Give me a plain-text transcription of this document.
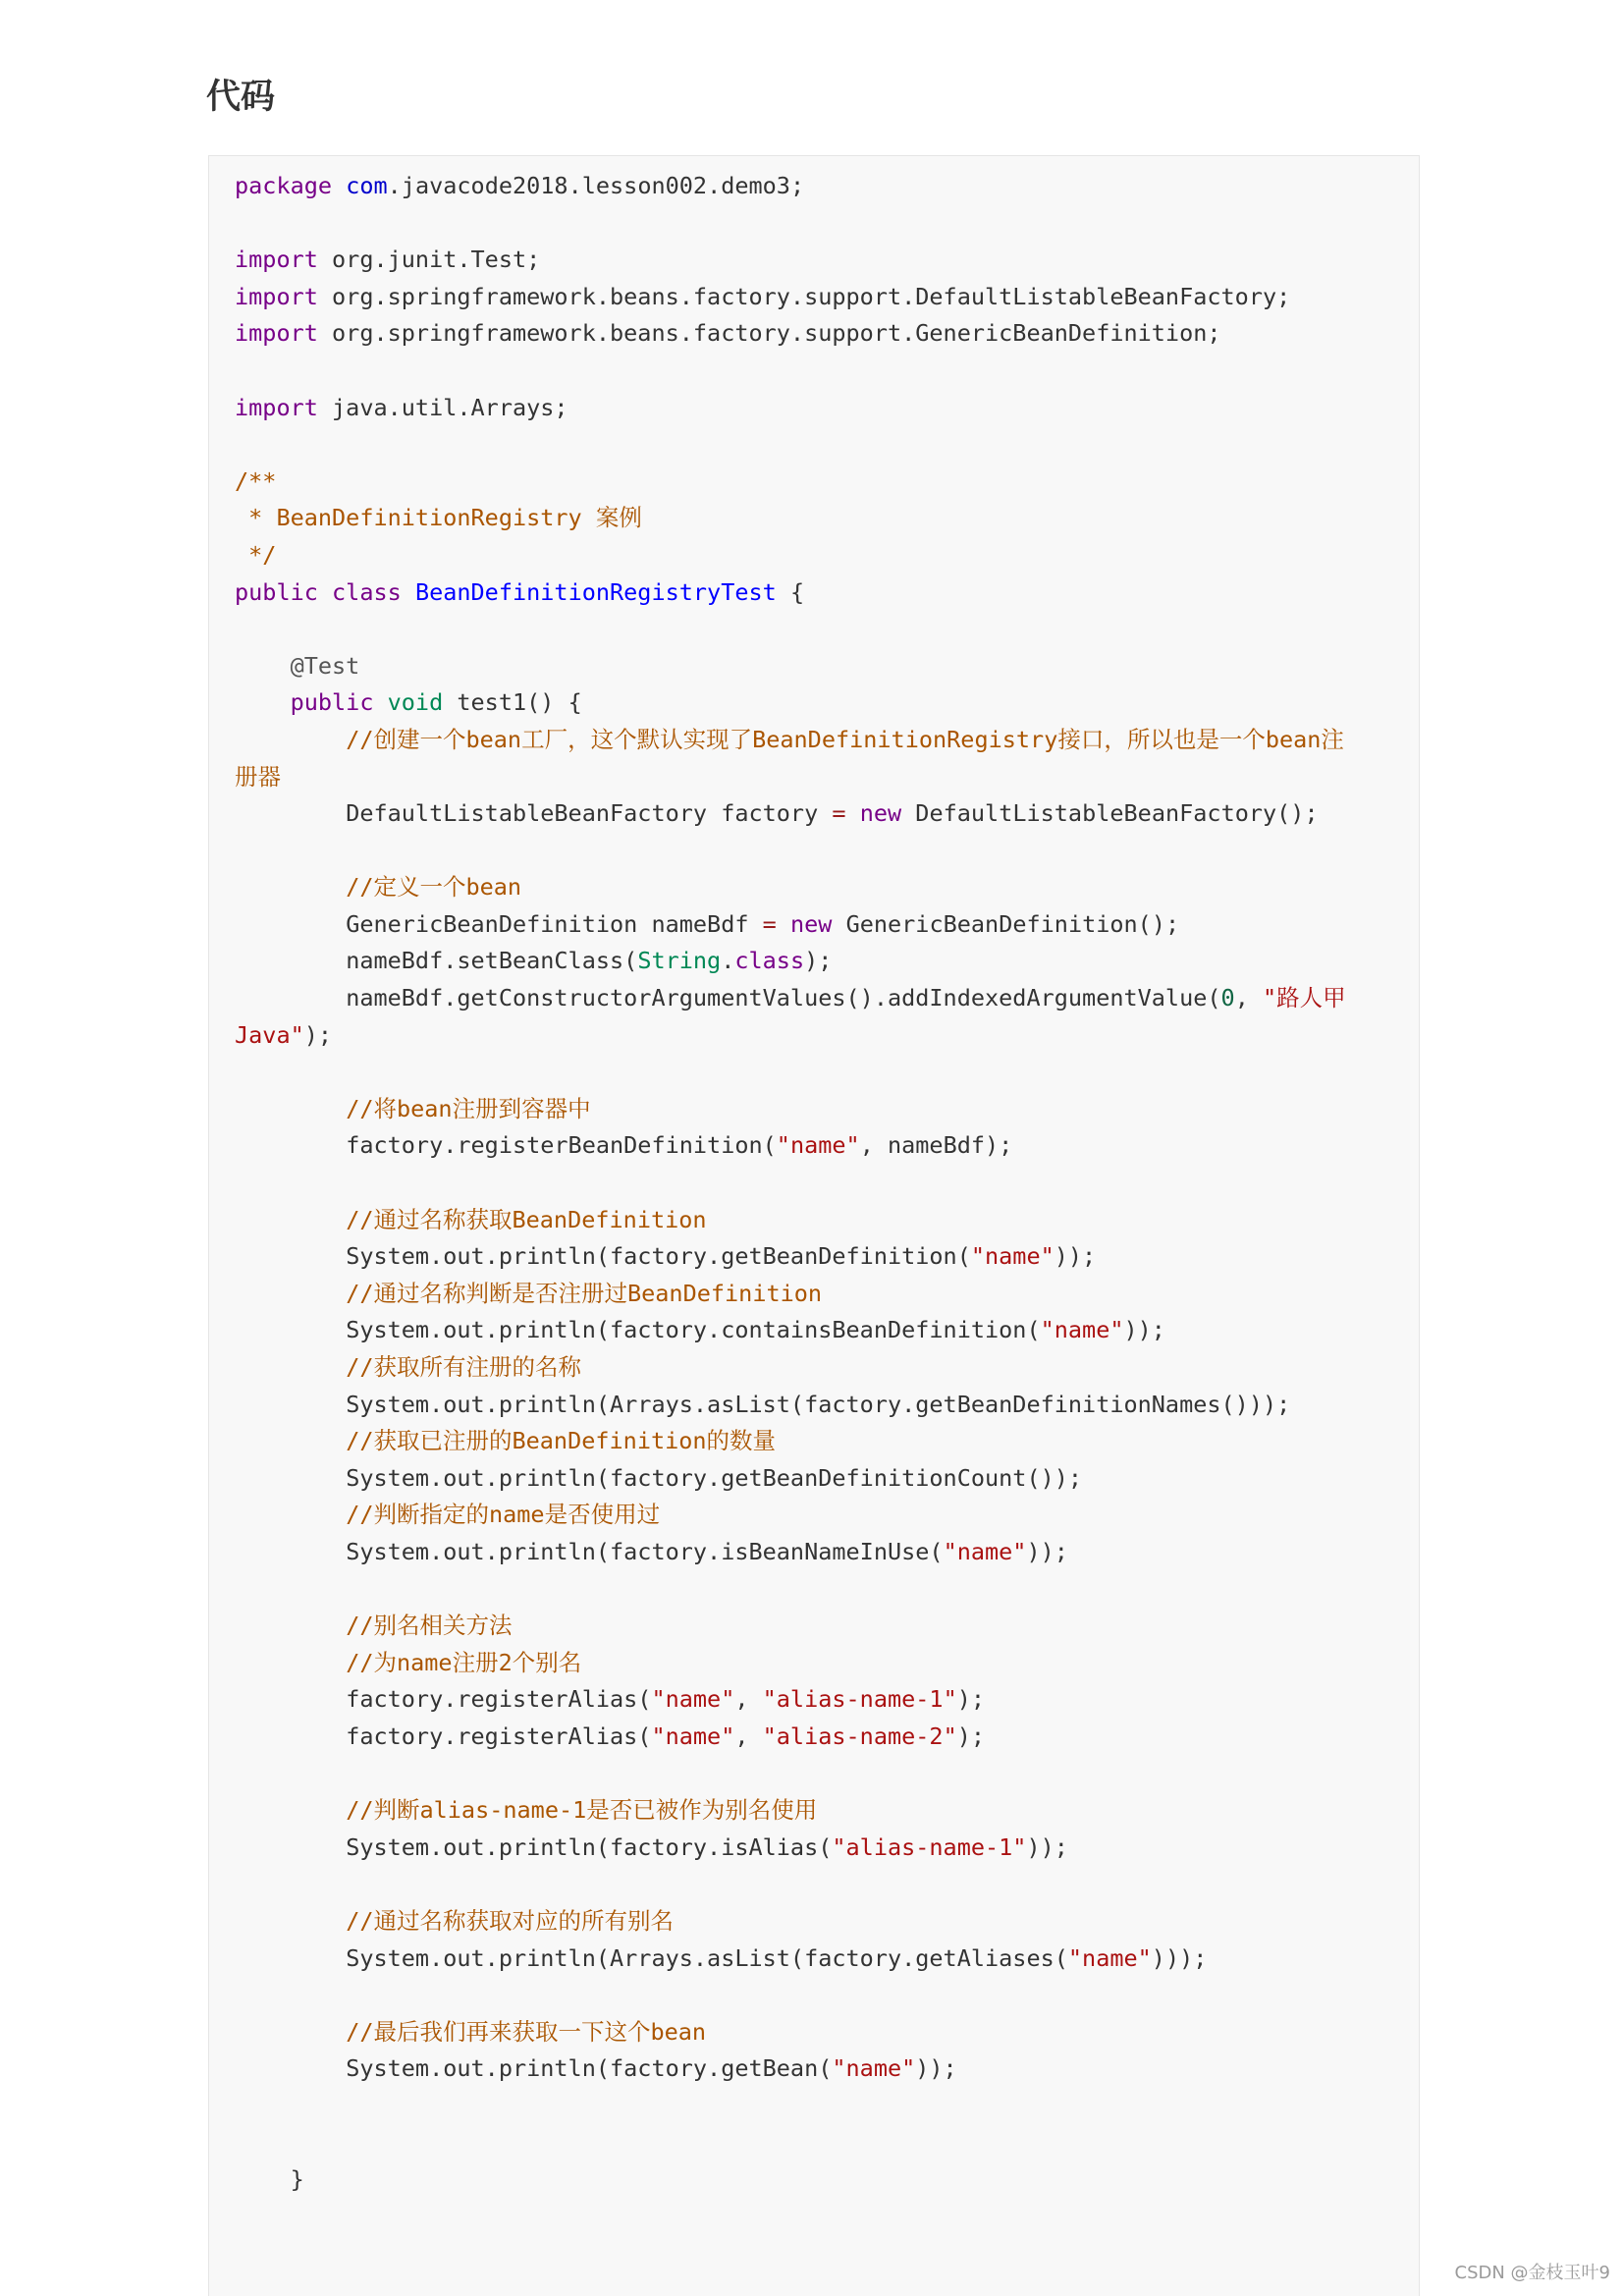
代码
package com.javacode2018.lesson002.demo3;
import org.junit.Test;
import org.springframework.beans.factory.support.DefaultListableBeanFactory;
import org.springframework.beans.factory.support.GenericBeanDefinition;
import java.util.Arrays;
/**
* BeanDefinitionRegistry 案例
*/
public class BeanDefinitionRegistryTest {
@Test
public void test1() {
//创建一个bean工厂，这个默认实现了BeanDefinitionRegistry接口，所以也是一个bean注
册器
DefaultListableBeanFactory factory = new DefaultListableBeanFactory();
//定义一个bean
GenericBeanDefinition nameBdf = new GenericBeanDefinition();
nameBdf.setBeanClass(String.class);
nameBdf.getConstructorArgumentValues().addIndexedArgumentValue(0, "路人甲
Java");
//将bean注册到容器中
factory.registerBeanDefinition("name", nameBdf);
//通过名称获取BeanDefinition
System.out.println(factory.getBeanDefinition("name"));
//通过名称判断是否注册过BeanDefinition
System.out.println(factory.containsBeanDefinition("name"));
//获取所有注册的名称
System.out.println(Arrays.asList(factory.getBeanDefinitionNames()));
//获取已注册的BeanDefinition的数量
System.out.println(factory.getBeanDefinitionCount());
//判断指定的name是否使用过
System.out.println(factory.isBeanNameInUse("name"));
//别名相关方法
//为name注册2个别名
factory.registerAlias("name", "alias-name-1");
factory.registerAlias("name", "alias-name-2");
//判断alias-name-1是否已被作为别名使用
System.out.println(factory.isAlias("alias-name-1"));
//通过名称获取对应的所有别名
System.out.println(Arrays.asList(factory.getAliases("name")));
//最后我们再来获取一下这个bean
System.out.println(factory.getBean("name"));
}
CSDN @金枝玉叶9
